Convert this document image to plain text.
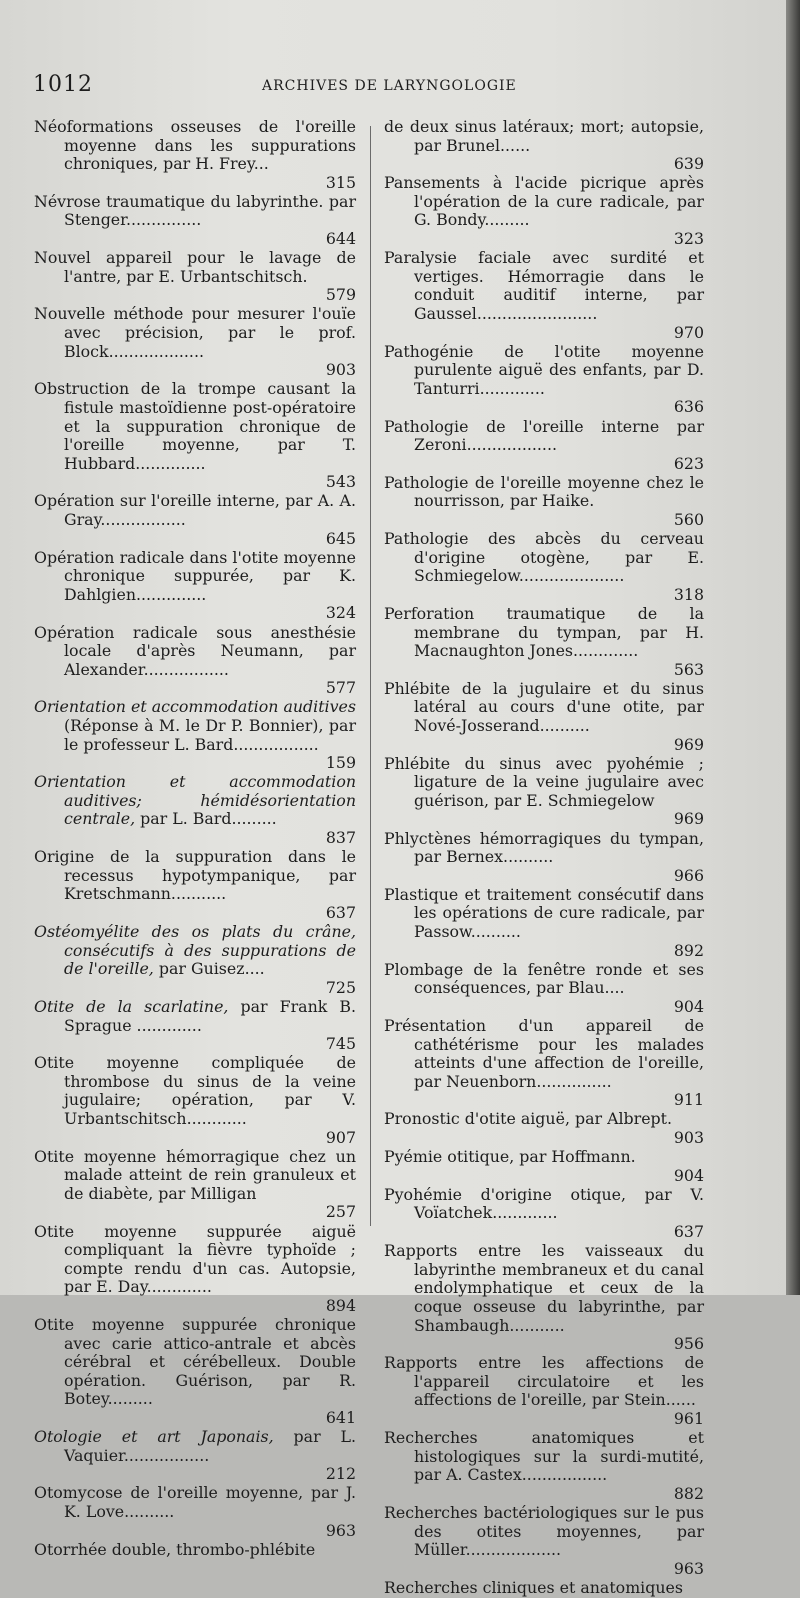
1012	ARCHIVES DE LARYNGOLOGIE
Néoformations osseuses de l'oreille moyenne dans les suppurations chroniques, par H. Frey...
315
Névrose traumatique du labyrinthe. par Stenger...............
644
Nouvel appareil pour le lavage de l'antre, par E. Urbantschitsch.
579
Nouvelle méthode pour mesurer l'ouïe avec précision, par le prof. Block...................
903
Obstruction de la trompe causant la fistule mastoïdienne post-opératoire et la suppuration chronique de l'oreille moyenne, par T. Hubbard..............
543
Opération sur l'oreille interne, par A. A. Gray.................
645
Opération radicale dans l'otite moyenne chronique suppurée, par K. Dahlgien..............
324
Opération radicale sous anesthésie locale d'après Neumann, par Alexander.................
577
Orientation et accommodation auditives (Réponse à M. le Dr P. Bonnier), par le professeur L. Bard.................
159
Orientation et accommodation auditives; hémidésorientation centrale, par L. Bard.........
837
Origine de la suppuration dans le recessus hypotympanique, par Kretschmann...........
637
Ostéomyélite des os plats du crâne, consécutifs à des suppurations de de l'oreille, par Guisez....
725
Otite de la scarlatine, par Frank B. Sprague .............
745
Otite moyenne compliquée de thrombose du sinus de la veine jugulaire; opération, par V. Urbantschitsch............
907
Otite moyenne hémorragique chez un malade atteint de rein granuleux et de diabète, par Milligan
257
Otite moyenne suppurée aiguë compliquant la fièvre typhoïde ; compte rendu d'un cas. Autopsie, par E. Day.............
894
Otite moyenne suppurée chronique avec carie attico-antrale et abcès cérébral et cérébelleux. Double opération. Guérison, par R. Botey.........
641
Otologie et art Japonais, par L. Vaquier.................
212
Otomycose de l'oreille moyenne, par J. K. Love..........
963
Otorrhée double, thrombo-phlébite
de deux sinus latéraux; mort; autopsie, par Brunel......
639
Pansements à l'acide picrique après l'opération de la cure radicale, par G. Bondy.........
323
Paralysie faciale avec surdité et vertiges. Hémorragie dans le conduit auditif interne, par Gaussel........................
970
Pathogénie de l'otite moyenne purulente aiguë des enfants, par D. Tanturri.............
636
Pathologie de l'oreille interne par Zeroni..................
623
Pathologie de l'oreille moyenne chez le nourrisson, par Haike.
560
Pathologie des abcès du cerveau d'origine otogène, par E. Schmiegelow.....................
318
Perforation traumatique de la membrane du tympan, par H. Macnaughton Jones.............
563
Phlébite de la jugulaire et du sinus latéral au cours d'une otite, par Nové-Josserand..........
969
Phlébite du sinus avec pyohémie ; ligature de la veine jugulaire avec guérison, par E. Schmiegelow
969
Phlyctènes hémorragiques du tympan, par Bernex..........
966
Plastique et traitement consécutif dans les opérations de cure radicale, par Passow..........
892
Plombage de la fenêtre ronde et ses conséquences, par Blau....
904
Présentation d'un appareil de cathétérisme pour les malades atteints d'une affection de l'oreille, par Neuenborn...............
911
Pronostic d'otite aiguë, par Albrept.
903
Pyémie otitique, par Hoffmann.
904
Pyohémie d'origine otique, par V. Voïatchek.............
637
Rapports entre les vaisseaux du labyrinthe membraneux et du canal endolymphatique et ceux de la coque osseuse du labyrinthe, par Shambaugh...........
956
Rapports entre les affections de l'appareil circulatoire et les affections de l'oreille, par Stein......
961
Recherches anatomiques et histologiques sur la surdi-mutité, par A. Castex.................
882
Recherches bactériologiques sur le pus des otites moyennes, par Müller...................
963
Recherches cliniques et anatomiques
